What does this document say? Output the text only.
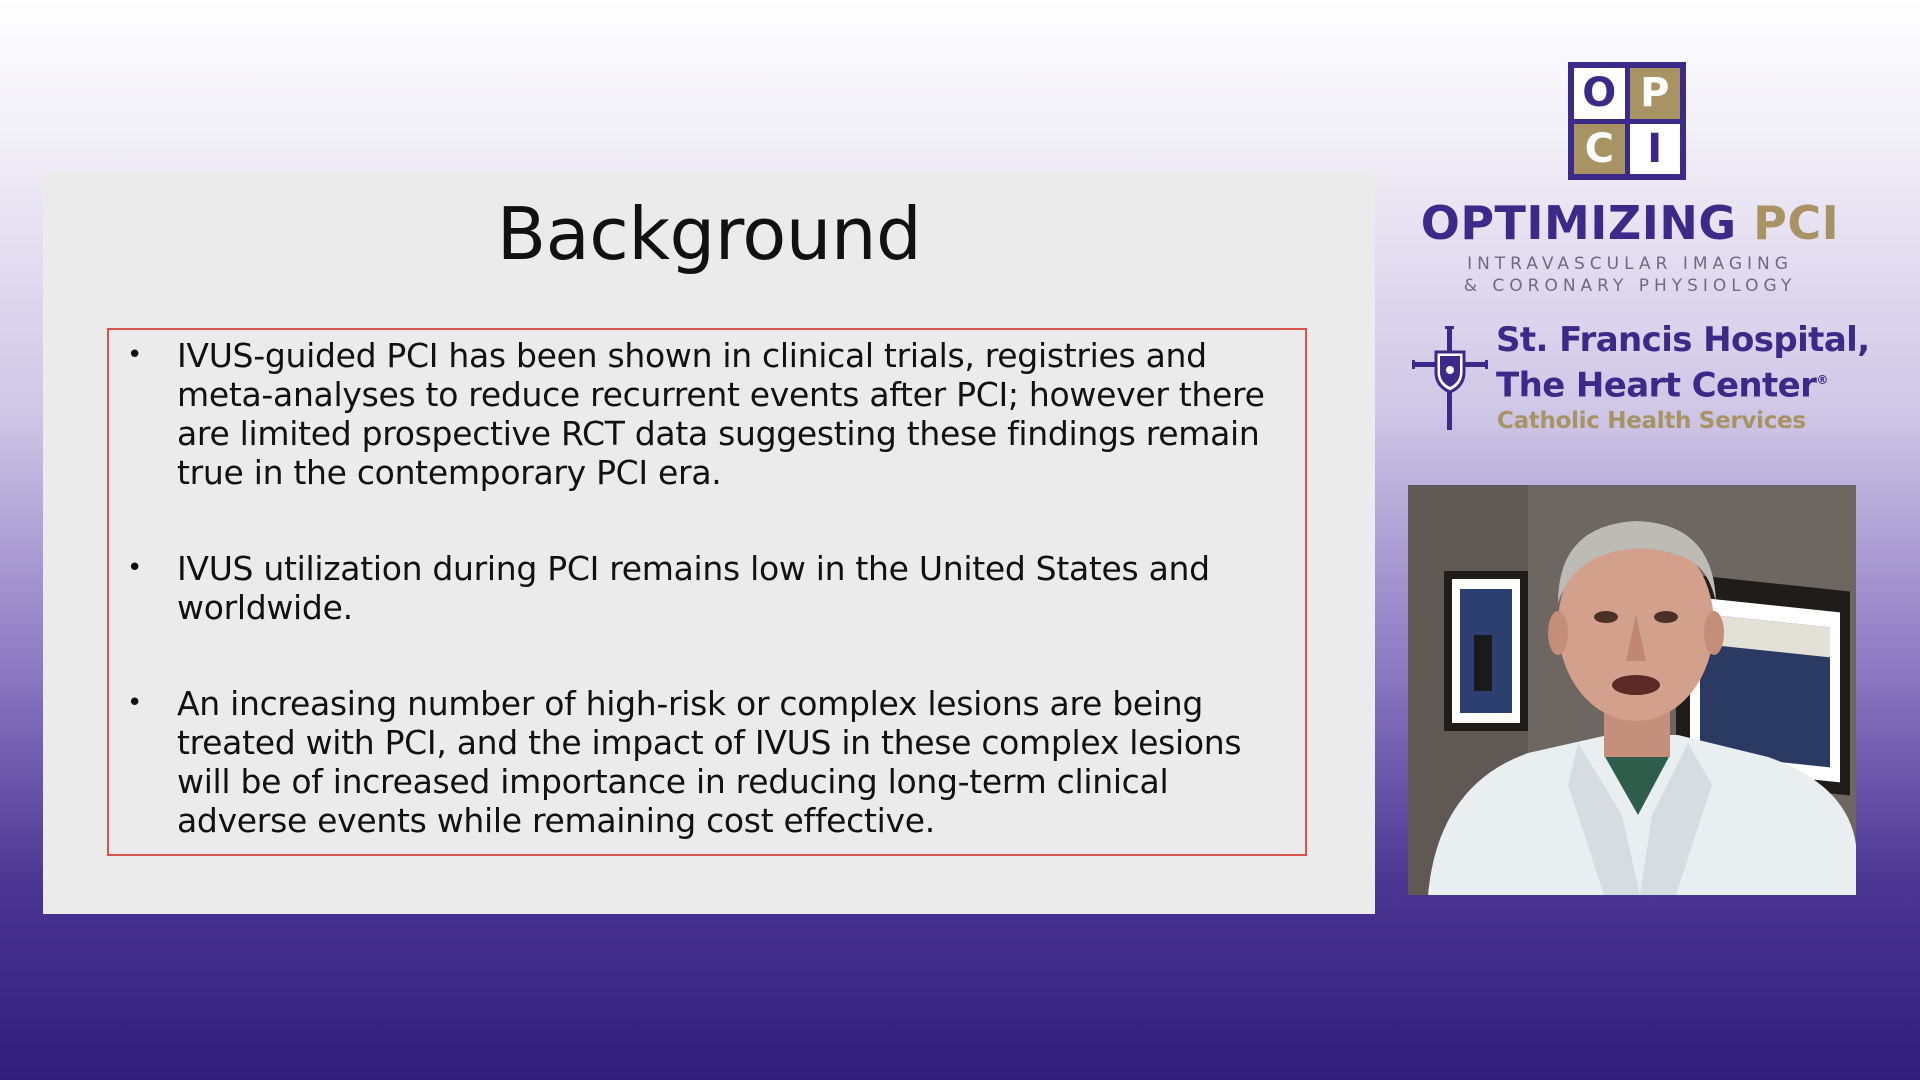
Background
•	IVUS-guided PCI has been shown in clinical trials, registries and meta-analyses to reduce recurrent events after PCI; however there are limited prospective RCT data suggesting these findings remain true in the contemporary PCI era.
•	IVUS utilization during PCI remains low in the United States and worldwide.
•	An increasing number of high-risk or complex lesions are being treated with PCI, and the impact of IVUS in these complex lesions will be of increased importance in reducing long-term clinical adverse events while remaining cost effective.
O P
C I
OPTIMIZING PCI
INTRAVASCULAR IMAGING
& CORONARY PHYSIOLOGY
St. Francis Hospital,
The Heart Center®
Catholic Health Services
